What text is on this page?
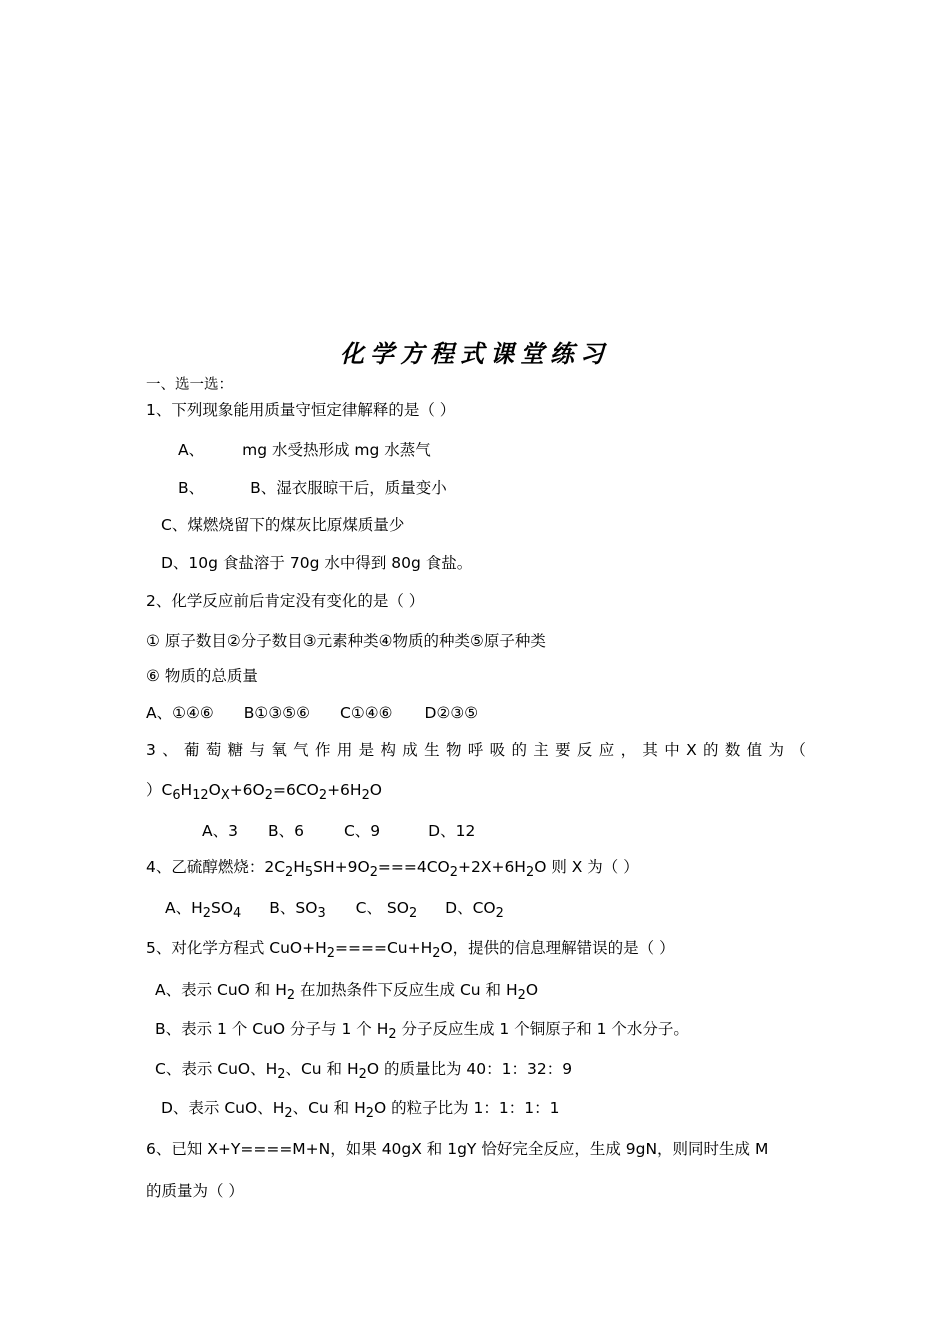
化学方程式课堂练习
一、选一选：
1、下列现象能用质量守恒定律解释的是（ ）
A、 mg 水受热形成 mg 水蒸气
B、	B、湿衣服晾干后，质量变小
C、煤燃烧留下的煤灰比原煤质量少
D、10g 食盐溶于 70g 水中得到 80g 食盐。
2、化学反应前后肯定没有变化的是（ ）
① 原子数目②分子数目③元素种类④物质的种类⑤原子种类
⑥ 物质的总质量
A、①④⑥ B①③⑤⑥ C①④⑥ D②③⑤
3 、 葡 萄 糖 与 氧 气 作 用 是 构 成 生 物 呼 吸 的 主 要 反 应 ， 其 中 X 的 数 值 为 （
）$C_6H_{12}O_X+6O_2=6CO_2+6H_2O$
A、3 B、6	C、9	D、12
4、乙硫醇燃烧：$2C_2H_5SH+9O_2===4CO_2+2X+6H_2O$ 则 X 为（ ）
A、$H_2SO_4$ B、$SO_3$ C、 $SO_2$ D、$CO_2$
5、对化学方程式 $CuO+H_2====Cu+H_2O$，提供的信息理解错误的是（ ）
A、表示 CuO 和 $H_2$ 在加热条件下反应生成 Cu 和 $H_2O$
B、表示 1 个 CuO 分子与 1 个 $H_2$ 分子反应生成 1 个铜原子和 1 个水分子。
C、表示 CuO、$H_2$、Cu 和 $H_2O$ 的质量比为 40：1：32：9
D、表示 CuO、$H_2$、Cu 和 $H_2O$ 的粒子比为 1：1：1：1
6、已知 X+Y====M+N，如果 40gX 和 1gY 恰好完全反应，生成 9gN，则同时生成 M
的质量为（ ）
